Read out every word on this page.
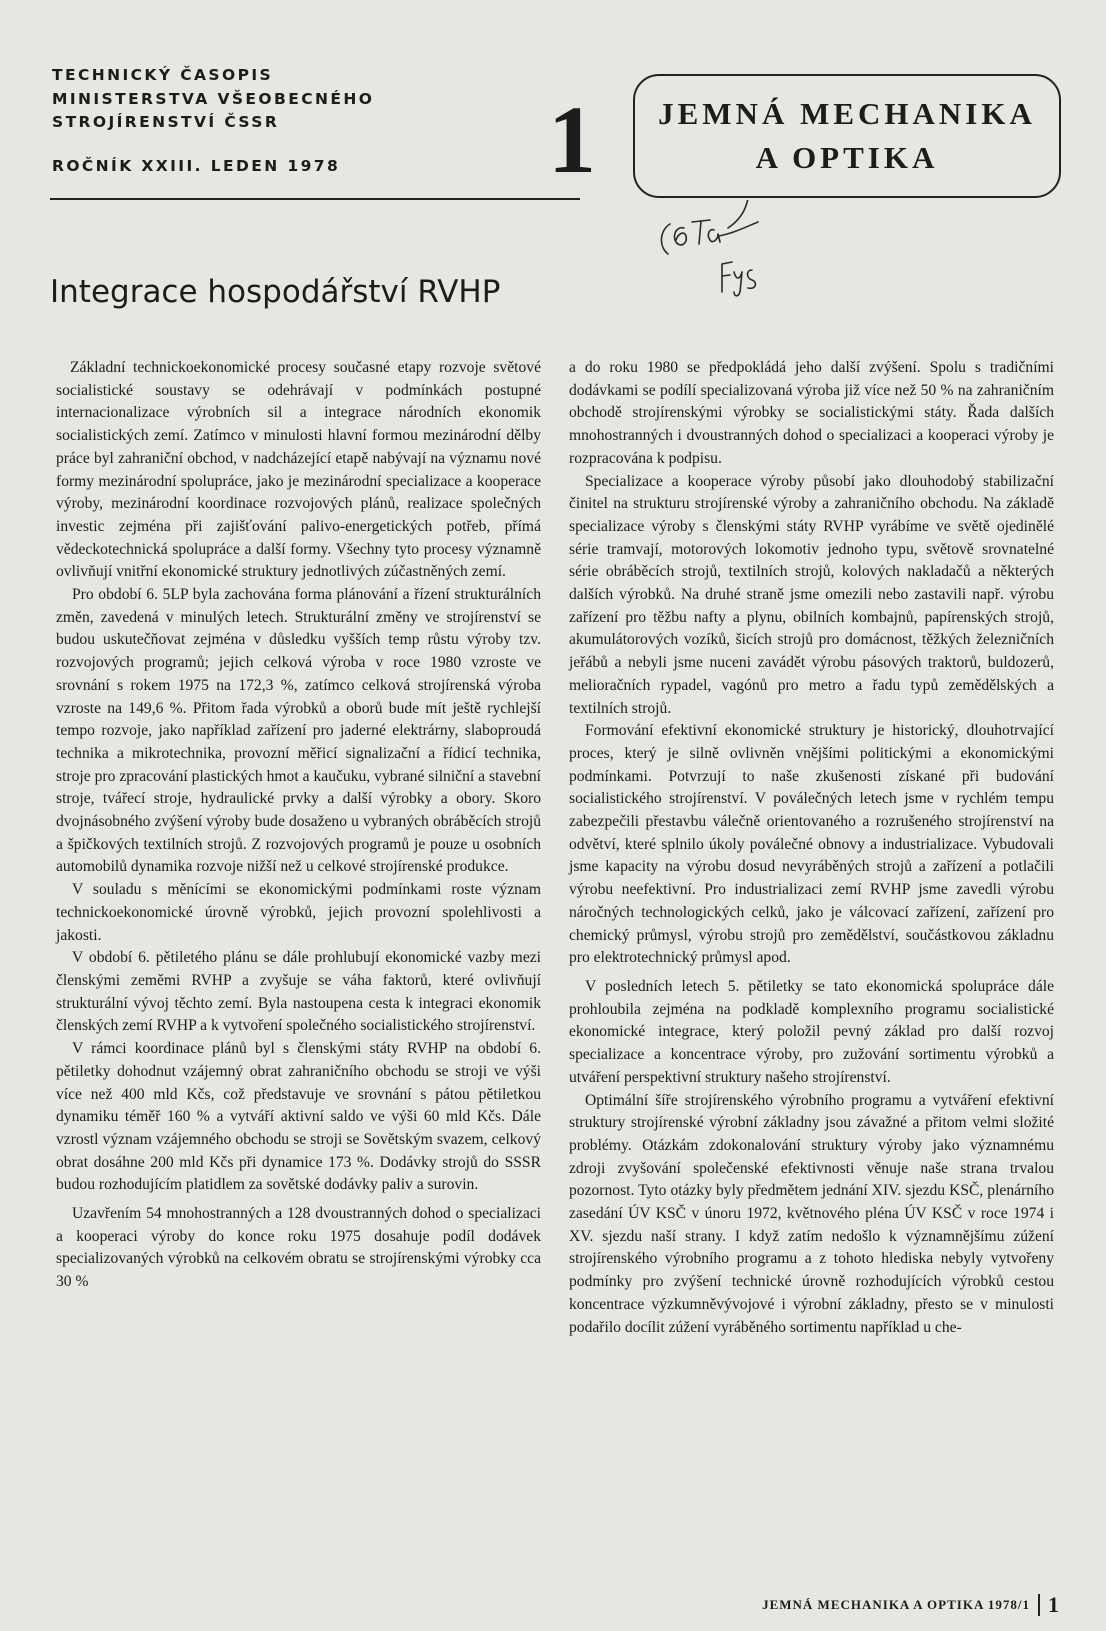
TECHNICKÝ ČASOPIS
MINISTERSTVA VŠEOBECNÉHO
STROJÍRENSTVÍ ČSSR
ROČNÍK XXIII. LEDEN 1978	1 JEMNÁ MECHANIKA
A OPTIKA
Integrace hospodářství RVHP

Základní technickoekonomické procesy současné etapy rozvoje světové socialistické soustavy se odehrávají v podmínkách postupné internacionalizace výrobních sil a integrace národních ekonomik socialistických zemí. Zatímco v minulosti hlavní formou mezinárodní dělby práce byl zahraniční obchod, v nadcházející etapě nabývají na významu nové formy mezinárodní spolupráce, jako je mezinárodní specializace a kooperace výroby, mezinárodní koordinace rozvojových plánů, realizace společných investic zejména při zajišťování palivo-energetických potřeb, přímá vědeckotechnická spolupráce a další formy. Všechny tyto procesy významně ovlivňují vnitřní ekonomické struktury jednotlivých zúčastněných zemí.

Pro období 6. 5LP byla zachována forma plánování a řízení strukturálních změn, zavedená v minulých letech. Strukturální změny ve strojírenství se budou uskutečňovat zejména v důsledku vyšších temp růstu výroby tzv. rozvojových programů; jejich celková výroba v roce 1980 vzroste ve srovnání s rokem 1975 na 172,3 %, zatímco celková strojírenská výroba vzroste na 149,6 %. Přitom řada výrobků a oborů bude mít ještě rychlejší tempo rozvoje, jako například zařízení pro jaderné elektrárny, slaboproudá technika a mikrotechnika, provozní měřicí signalizační a řídicí technika, stroje pro zpracování plastických hmot a kaučuku, vybrané silniční a stavební stroje, tvářecí stroje, hydraulické prvky a další výrobky a obory. Skoro dvojnásobného zvýšení výroby bude dosaženo u vybraných obráběcích strojů a špičkových textilních strojů. Z rozvojových programů je pouze u osobních automobilů dynamika rozvoje nižší než u celkové strojírenské produkce.

V souladu s měnícími se ekonomickými podmínkami roste význam technickoekonomické úrovně výrobků, jejich provozní spolehlivosti a jakosti.

V období 6. pětiletého plánu se dále prohlubují ekonomické vazby mezi členskými zeměmi RVHP a zvyšuje se váha faktorů, které ovlivňují strukturální vývoj těchto zemí. Byla nastoupena cesta k integraci ekonomik členských zemí RVHP a k vytvoření společného socialistického strojírenství.

V rámci koordinace plánů byl s členskými státy RVHP na období 6. pětiletky dohodnut vzájemný obrat zahraničního obchodu se stroji ve výši více než 400 mld Kčs, což představuje ve srovnání s pátou pětiletkou dynamiku téměř 160 % a vytváří aktivní saldo ve výši 60 mld Kčs. Dále vzrostl význam vzájemného obchodu se stroji se Sovětským svazem, celkový obrat dosáhne 200 mld Kčs při dynamice 173 %. Dodávky strojů do SSSR budou rozhodujícím platidlem za sovětské dodávky paliv a surovin.

Uzavřením 54 mnohostranných a 128 dvoustranných dohod o specializaci a kooperaci výroby do konce roku 1975 dosahuje podíl dodávek specializovaných výrobků na celkovém obratu se strojírenskými výrobky cca 30 %

a do roku 1980 se předpokládá jeho další zvýšení. Spolu s tradičními dodávkami se podílí specializovaná výroba již více než 50 % na zahraničním obchodě strojírenskými výrobky se socialistickými státy. Řada dalších mnohostranných i dvoustranných dohod o specializaci a kooperaci výroby je rozpracována k podpisu.

Specializace a kooperace výroby působí jako dlouhodobý stabilizační činitel na strukturu strojírenské výroby a zahraničního obchodu. Na základě specializace výroby s členskými státy RVHP vyrábíme ve světě ojedinělé série tramvají, motorových lokomotiv jednoho typu, světově srovnatelné série obráběcích strojů, textilních strojů, kolových nakladačů a některých dalších výrobků. Na druhé straně jsme omezili nebo zastavili např. výrobu zařízení pro těžbu nafty a plynu, obilních kombajnů, papírenských strojů, akumulátorových vozíků, šicích strojů pro domácnost, těžkých železničních jeřábů a nebyli jsme nuceni zavádět výrobu pásových traktorů, buldozerů, melioračních rypadel, vagónů pro metro a řadu typů zemědělských a textilních strojů.

Formování efektivní ekonomické struktury je historický, dlouhotrvající proces, který je silně ovlivněn vnějšími politickými a ekonomickými podmínkami. Potvrzují to naše zkušenosti získané při budování socialistického strojírenství. V poválečných letech jsme v rychlém tempu zabezpečili přestavbu válečně orientovaného a rozrušeného strojírenství na odvětví, které splnilo úkoly poválečné obnovy a industrializace. Vybudovali jsme kapacity na výrobu dosud nevyráběných strojů a zařízení a potlačili výrobu neefektivní. Pro industrializaci zemí RVHP jsme zavedli výrobu náročných technologických celků, jako je válcovací zařízení, zařízení pro chemický průmysl, výrobu strojů pro zemědělství, součástkovou základnu pro elektrotechnický průmysl apod.

V posledních letech 5. pětiletky se tato ekonomická spolupráce dále prohloubila zejména na podkladě komplexního programu socialistické ekonomické integrace, který položil pevný základ pro další rozvoj specializace a koncentrace výroby, pro zužování sortimentu výrobků a utváření perspektivní struktury našeho strojírenství.

Optimální šíře strojírenského výrobního programu a vytváření efektivní struktury strojírenské výrobní základny jsou závažné a přitom velmi složité problémy. Otázkám zdokonalování struktury výroby jako významnému zdroji zvyšování společenské efektivnosti věnuje naše strana trvalou pozornost. Tyto otázky byly předmětem jednání XIV. sjezdu KSČ, plenárního zasedání ÚV KSČ v únoru 1972, květnového pléna ÚV KSČ v roce 1974 i XV. sjezdu naší strany. I když zatím nedošlo k významnějšímu zúžení strojírenského výrobního programu a z tohoto hlediska nebyly vytvořeny podmínky pro zvýšení technické úrovně rozhodujících výrobků cestou koncentrace výzkumněvývojové i výrobní základny, přesto se v minulosti podařilo docílit zúžení vyráběného sortimentu například u che-

JEMNÁ MECHANIKA A OPTIKA 1978/1 1
